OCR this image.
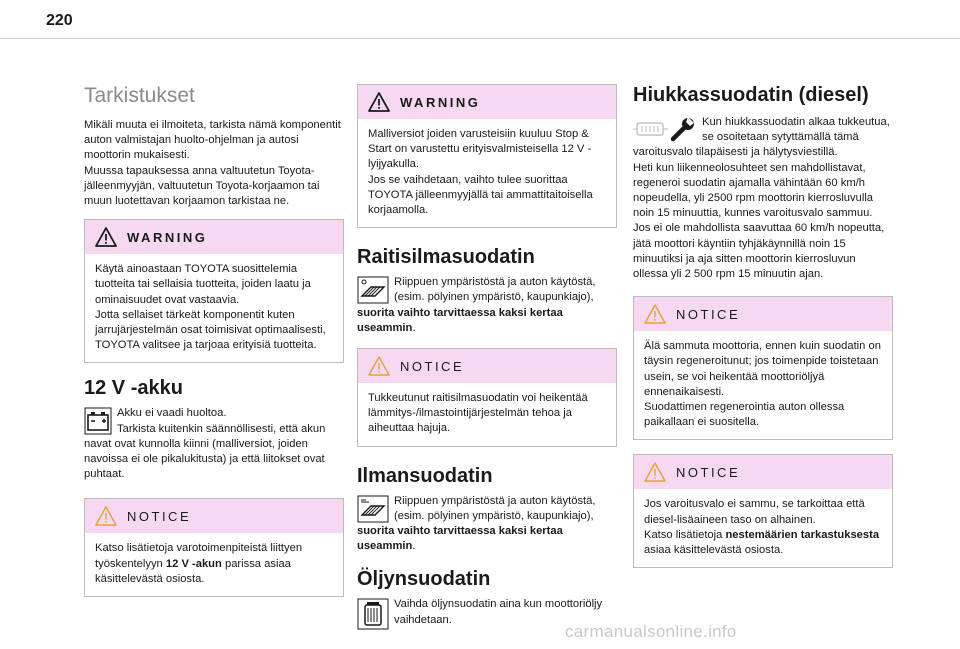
220
Tarkistukset

Mikäli muuta ei ilmoiteta, tarkista nämä komponentit auton valmistajan huolto-ohjelman ja autosi moottorin mukaisesti.

Muussa tapauksessa anna valtuutetun Toyota-jälleenmyyjän, valtuutetun Toyota-korjaamon tai muun luotettavan korjaamon tarkistaa ne.

WARNING

Käytä ainoastaan TOYOTA suosittelemia tuotteita tai sellaisia tuotteita, joiden laatu ja ominaisuudet ovat vastaavia.

Jotta sellaiset tärkeät komponentit kuten jarrujärjestelmän osat toimisivat optimaalisesti, TOYOTA valitsee ja tarjoaa erityisiä tuotteita.

12 V -akku
Akku ei vaadi huoltoa.
Tarkista kuitenkin säännöllisesti, että akun navat ovat kunnolla kiinni (malliversiot, joiden navoissa ei ole pikalukitusta) ja että liitokset ovat puhtaat.
NOTICE
Katso lisätietoja varotoimenpiteistä liittyen työskentelyyn 12 V -akun parissa asiaa käsittelevästä osiosta.
WARNING

Malliversiot joiden varusteisiin kuuluu Stop & Start on varustettu erityisvalmisteisella 12 V -lyijyakulla.

Jos se vaihdetaan, vaihto tulee suorittaa TOYOTA jälleenmyyjällä tai ammattitaitoisella korjaamolla.

Raitisilmasuodatin
Riippuen ympäristöstä ja auton käytöstä, (esim. pölyinen ympäristö, kaupunkiajo), suorita vaihto tarvittaessa kaksi kertaa useammin.
NOTICE
Tukkeutunut raitisilmasuodatin voi heikentää lämmitys-/ilmastointijärjestelmän tehoa ja aiheuttaa hajuja.
Ilmansuodatin
Riippuen ympäristöstä ja auton käytöstä, (esim. pölyinen ympäristö, kaupunkiajo), suorita vaihto tarvittaessa kaksi kertaa useammin.
Öljynsuodatin
Vaihda öljynsuodatin aina kun moottoriöljy vaihdetaan.
Hiukkassuodatin (diesel)
Kun hiukkassuodatin alkaa tukkeutua, se osoitetaan sytyttämällä tämä varoitusvalo tilapäisesti ja hälytysviestillä.
Heti kun liikenneolosuhteet sen mahdollistavat, regeneroi suodatin ajamalla vähintään 60 km/h nopeudella, yli 2500 rpm moottorin kierrosluvulla noin 15 minuuttia, kunnes varoitusvalo sammuu.
Jos ei ole mahdollista saavuttaa 60 km/h nopeutta, jätä moottori käyntiin tyhjäkäynnillä noin 15 minuutiksi ja aja sitten moottorin kierrosluvun ollessa yli 2 500 rpm 15 minuutin ajan.
NOTICE

Älä sammuta moottoria, ennen kuin suodatin on täysin regeneroitunut; jos toimenpide toistetaan usein, se voi heikentää moottoriöljyä ennenaikaisesti.

Suodattimen regenerointia auton ollessa paikallaan ei suositella.

NOTICE

Jos varoitusvalo ei sammu, se tarkoittaa että diesel-lisäaineen taso on alhainen.

Katso lisätietoja nestemäärien tarkastuksesta asiaa käsittelevästä osiosta.

carmanualsonline.info
